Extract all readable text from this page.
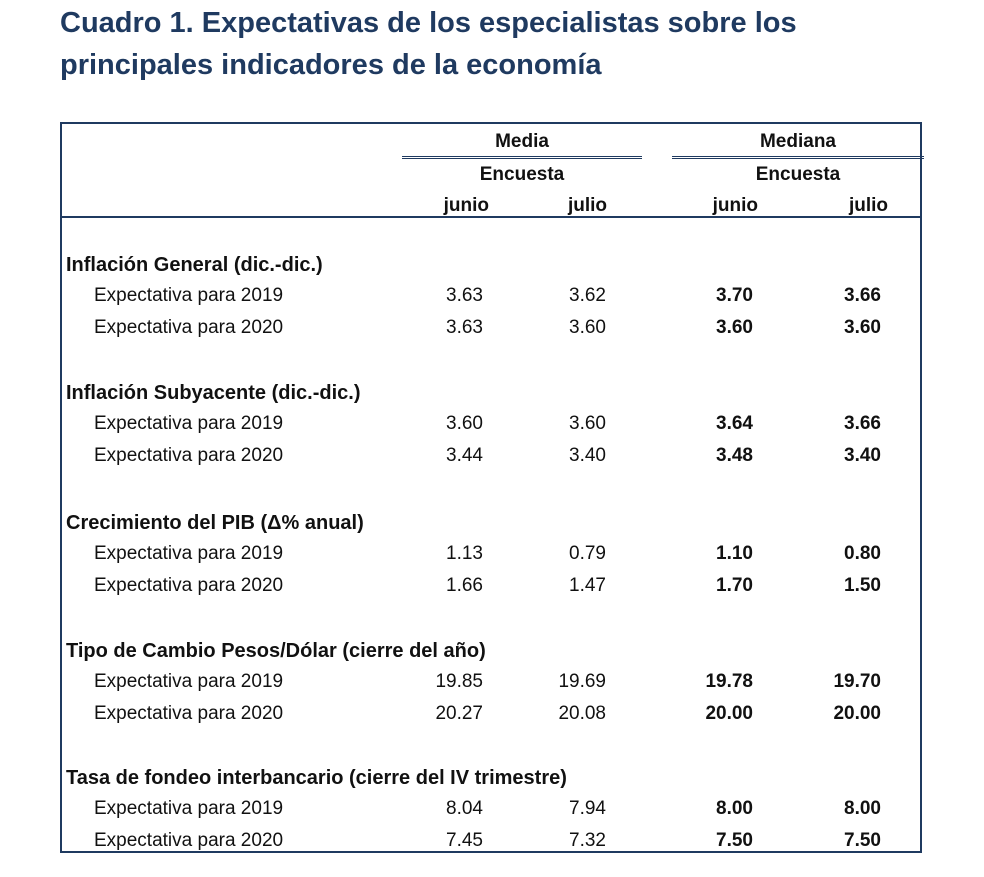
Cuadro 1. Expectativas de los especialistas sobre los
principales indicadores de la economía
Media	Mediana
Encuesta	Encuesta
junio	julio	junio	julio
Inflación General (dic.-dic.)
Expectativa para 2019	3.63	3.62	3.70	3.66
Expectativa para 2020	3.63	3.60	3.60	3.60
Inflación Subyacente (dic.-dic.)
Expectativa para 2019	3.60	3.60	3.64	3.66
Expectativa para 2020	3.44	3.40	3.48	3.40
Crecimiento del PIB (Δ% anual)
Expectativa para 2019	1.13	0.79	1.10	0.80
Expectativa para 2020	1.66	1.47	1.70	1.50
Tipo de Cambio Pesos/Dólar (cierre del año)
Expectativa para 2019	19.85	19.69	19.78	19.70
Expectativa para 2020	20.27	20.08	20.00	20.00
Tasa de fondeo interbancario (cierre del IV trimestre)
Expectativa para 2019	8.04	7.94	8.00	8.00
Expectativa para 2020	7.45	7.32	7.50	7.50
